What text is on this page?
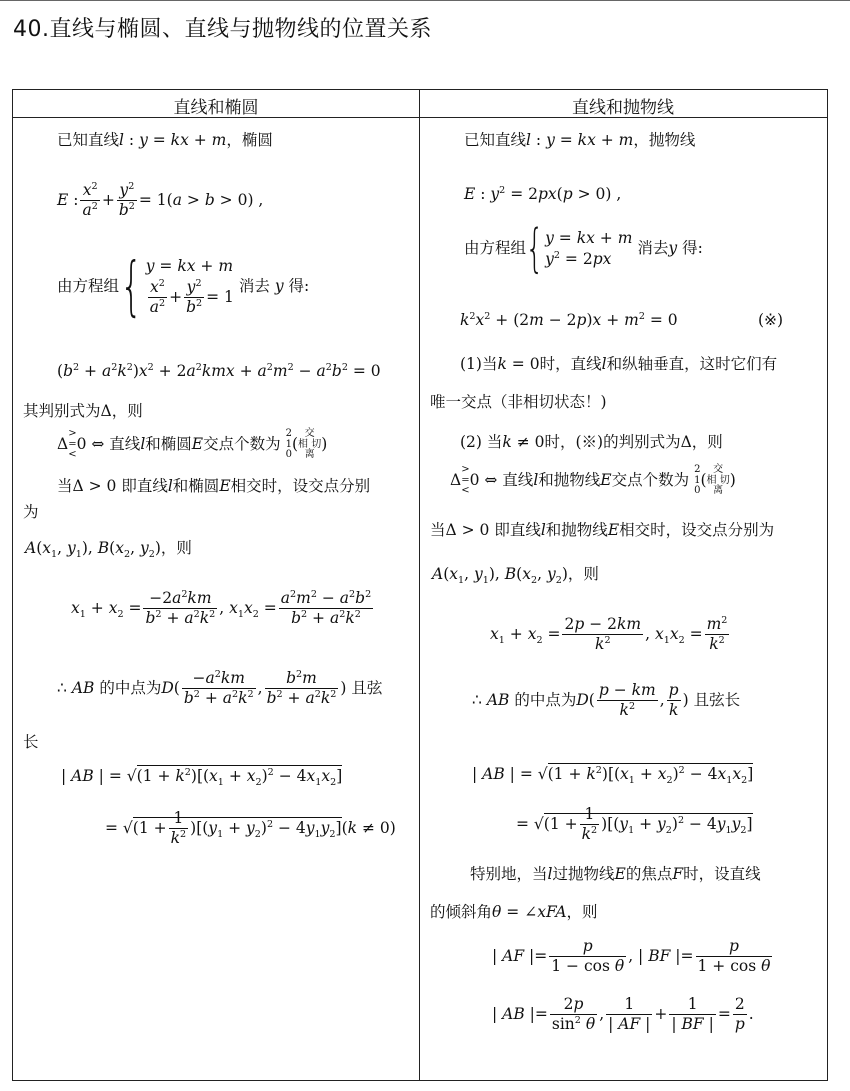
40.直线与椭圆、直线与抛物线的位置关系
直线和椭圆	直线和抛物线
已知直线l : y = kx + m，椭圆
E : $\frac{x^2}{a^2} + \frac{y^2}{b^2} = 1(a > b > 0)$ ,
由方程组{ y = kx + m
$\frac{x^2}{a^2} + \frac{y^2}{b^2} = 1$
消去 y 得:
$(b^2 + a^2k^2)x^2 + 2a^2kmx + a^2m^2 - a^2b^2 = 0$
其判别式为Δ，则
Δ>
=
<0 ⇔ 直线l和椭圆E交点个数为 2
1
0(交
相 切
离)
当Δ > 0 即直线l和椭圆E相交时，设交点分别
为
$A(x_1$, $y_1$), $B(x_2$, $y_2$)，则
$x_1 + x_2 = \frac{-2a^2km}{b^2 + a^2k^2}$ , $x_1x_2 = \frac{a^2m^2 - a^2b^2}{b^2 + a^2k^2}$
∴ AB 的中点为$D( \frac{-a^2km}{b^2 + a^2k^2}$ , $\frac{b^2m}{b^2 + a^2k^2}$ ) 且弦
长
| AB | = $√(1 + k^2)[(x_1 + x_2)^2 - 4x_1x_2]$
= $√(1 + \frac{1}{k^2} )[(y_1 + y_2)^2 - 4y_1y_2](k \ne 0)$
已知直线l : y = kx + m，抛物线
E : $y^2 = 2px(p > 0)$ ,
由方程组{ y = kx + m
$y^2 = 2px$
消去y 得:
$k^2x^2 + (2m - 2p)x + m^2 = 0$	(※)
(1)当k = 0时，直线l和纵轴垂直，这时它们有
唯一交点（非相切状态！)
(2) 当k ≠ 0时，(※)的判别式为Δ，则
Δ>
=
<0 ⇔ 直线l和抛物线E交点个数为 2
1
0(交
相 切
离)
当Δ > 0 即直线l和抛物线E相交时，设交点分别为
$A(x_1$, $y_1$), $B(x_2$, $y_2$)，则
$x_1 + x_2 = \frac{2p - 2km}{k^2}$ , $x_1x_2 = \frac{m^2}{k^2}$
∴ AB 的中点为$D( \frac{p - km}{k^2}$ , $\frac{p}{k}$ ) 且弦长
| AB | = $√(1 + k^2)[(x_1 + x_2)^2 - 4x_1x_2]$
= $√(1 + \frac{1}{k^2} )[(y_1 + y_2)^2 - 4y_1y_2]$
特别地，当l过抛物线E的焦点F时，设直线
的倾斜角θ = ∠xFA，则
| AF |= $\frac{p}{\text{1 − cos θ}}$ , | BF |= $\frac{p}{\text{1 + cos θ}}$
| AB |= $\frac{2p}{\sin^2 \theta}$ , $\frac{1}{| AF |} + \frac{1}{| BF |} = \frac{2}{p}$ .
